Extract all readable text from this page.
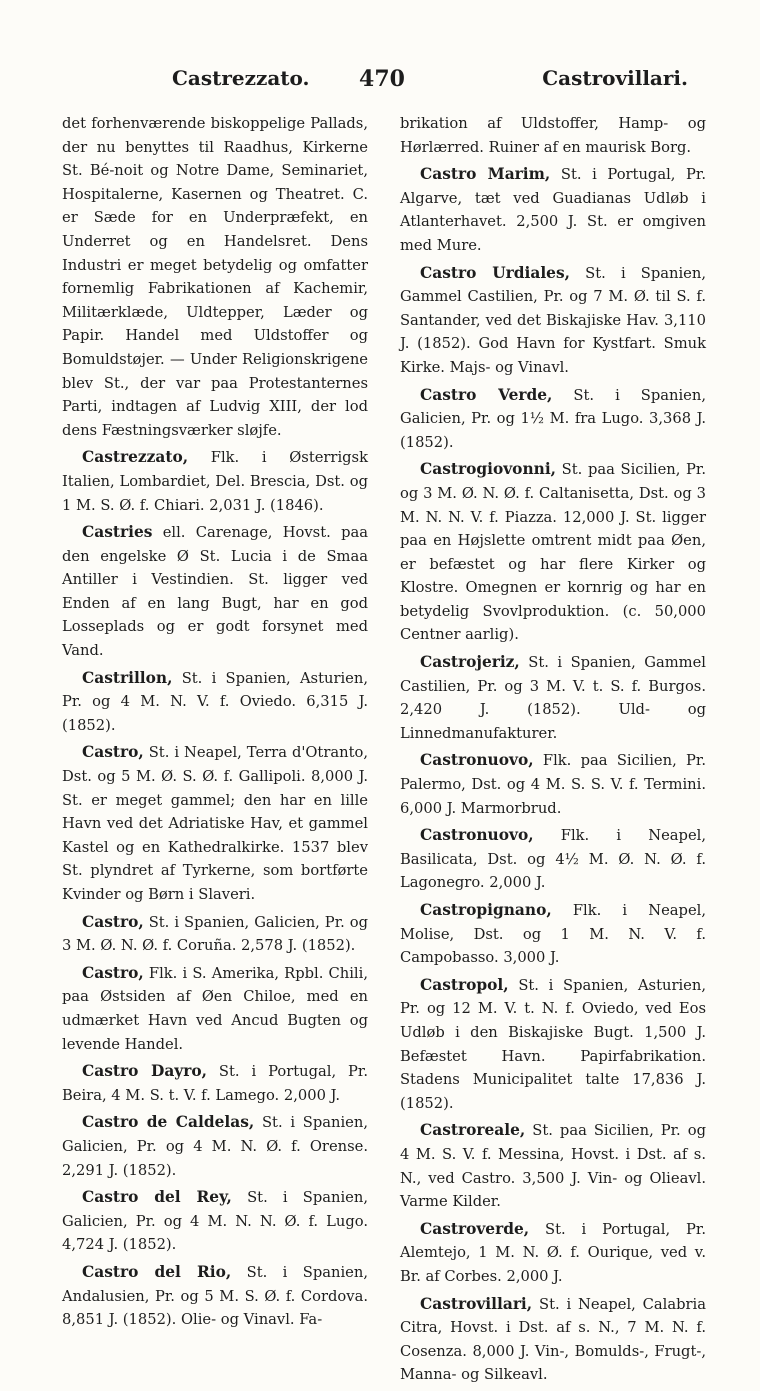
Castrezzato.	470	Castrovillari.

det forhenværende biskoppelige Pallads, der nu benyttes til Raadhus, Kirkerne St. Bé-noit og Notre Dame, Seminariet, Hospitalerne, Kasernen og Theatret. C. er Sæde for en Underpræfekt, en Underret og en Handelsret. Dens Industri er meget betydelig og omfatter fornemlig Fabrikationen af Kachemir, Militærklæde, Uldtepper, Læder og Papir. Handel med Uldstoffer og Bomuldstøjer. — Under Religionskrigene blev St., der var paa Protestanternes Parti, indtagen af Ludvig XIII, der lod dens Fæstningsværker sløjfe.

Castrezzato, Flk. i Østerrigsk Italien, Lombardiet, Del. Brescia, Dst. og 1 M. S. Ø. f. Chiari. 2,031 J. (1846).

Castries ell. Carenage, Hovst. paa den engelske Ø St. Lucia i de Smaa Antiller i Vestindien. St. ligger ved Enden af en lang Bugt, har en god Losseplads og er godt forsynet med Vand.

Castrillon, St. i Spanien, Asturien, Pr. og 4 M. N. V. f. Oviedo. 6,315 J. (1852).

Castro, St. i Neapel, Terra d'Otranto, Dst. og 5 M. Ø. S. Ø. f. Gallipoli. 8,000 J. St. er meget gammel; den har en lille Havn ved det Adriatiske Hav, et gammel Kastel og en Kathedralkirke. 1537 blev St. plyndret af Tyrkerne, som bortførte Kvinder og Børn i Slaveri.

Castro, St. i Spanien, Galicien, Pr. og 3 M. Ø. N. Ø. f. Coruña. 2,578 J. (1852).

Castro, Flk. i S. Amerika, Rpbl. Chili, paa Østsiden af Øen Chiloe, med en udmærket Havn ved Ancud Bugten og levende Handel.

Castro Dayro, St. i Portugal, Pr. Beira, 4 M. S. t. V. f. Lamego. 2,000 J.

Castro de Caldelas, St. i Spanien, Galicien, Pr. og 4 M. N. Ø. f. Orense. 2,291 J. (1852).

Castro del Rey, St. i Spanien, Galicien, Pr. og 4 M. N. N. Ø. f. Lugo. 4,724 J. (1852).

Castro del Rio, St. i Spanien, Andalusien, Pr. og 5 M. S. Ø. f. Cordova. 8,851 J. (1852). Olie- og Vinavl. Fa-

brikation af Uldstoffer, Hamp- og Hørlærred. Ruiner af en maurisk Borg.

Castro Marim, St. i Portugal, Pr. Algarve, tæt ved Guadianas Udløb i Atlanterhavet. 2,500 J. St. er omgiven med Mure.

Castro Urdiales, St. i Spanien, Gammel Castilien, Pr. og 7 M. Ø. til S. f. Santander, ved det Biskajiske Hav. 3,110 J. (1852). God Havn for Kystfart. Smuk Kirke. Majs- og Vinavl.

Castro Verde, St. i Spanien, Galicien, Pr. og 1½ M. fra Lugo. 3,368 J. (1852).

Castrogiovonni, St. paa Sicilien, Pr. og 3 M. Ø. N. Ø. f. Caltanisetta, Dst. og 3 M. N. N. V. f. Piazza. 12,000 J. St. ligger paa en Højslette omtrent midt paa Øen, er befæstet og har flere Kirker og Klostre. Omegnen er kornrig og har en betydelig Svovlproduktion. (c. 50,000 Centner aarlig).

Castrojeriz, St. i Spanien, Gammel Castilien, Pr. og 3 M. V. t. S. f. Burgos. 2,420 J. (1852). Uld- og Linnedmanufakturer.

Castronuovo, Flk. paa Sicilien, Pr. Palermo, Dst. og 4 M. S. S. V. f. Termini. 6,000 J. Marmorbrud.

Castronuovo, Flk. i Neapel, Basilicata, Dst. og 4½ M. Ø. N. Ø. f. Lagonegro. 2,000 J.

Castropignano, Flk. i Neapel, Molise, Dst. og 1 M. N. V. f. Campobasso. 3,000 J.

Castropol, St. i Spanien, Asturien, Pr. og 12 M. V. t. N. f. Oviedo, ved Eos Udløb i den Biskajiske Bugt. 1,500 J. Befæstet Havn. Papirfabrikation. Stadens Municipalitet talte 17,836 J. (1852).

Castroreale, St. paa Sicilien, Pr. og 4 M. S. V. f. Messina, Hovst. i Dst. af s. N., ved Castro. 3,500 J. Vin- og Olieavl. Varme Kilder.

Castroverde, St. i Portugal, Pr. Alemtejo, 1 M. N. Ø. f. Ourique, ved v. Br. af Corbes. 2,000 J.

Castrovillari, St. i Neapel, Calabria Citra, Hovst. i Dst. af s. N., 7 M. N. f. Cosenza. 8,000 J. Vin-, Bomulds-, Frugt-, Manna- og Silkeavl.
